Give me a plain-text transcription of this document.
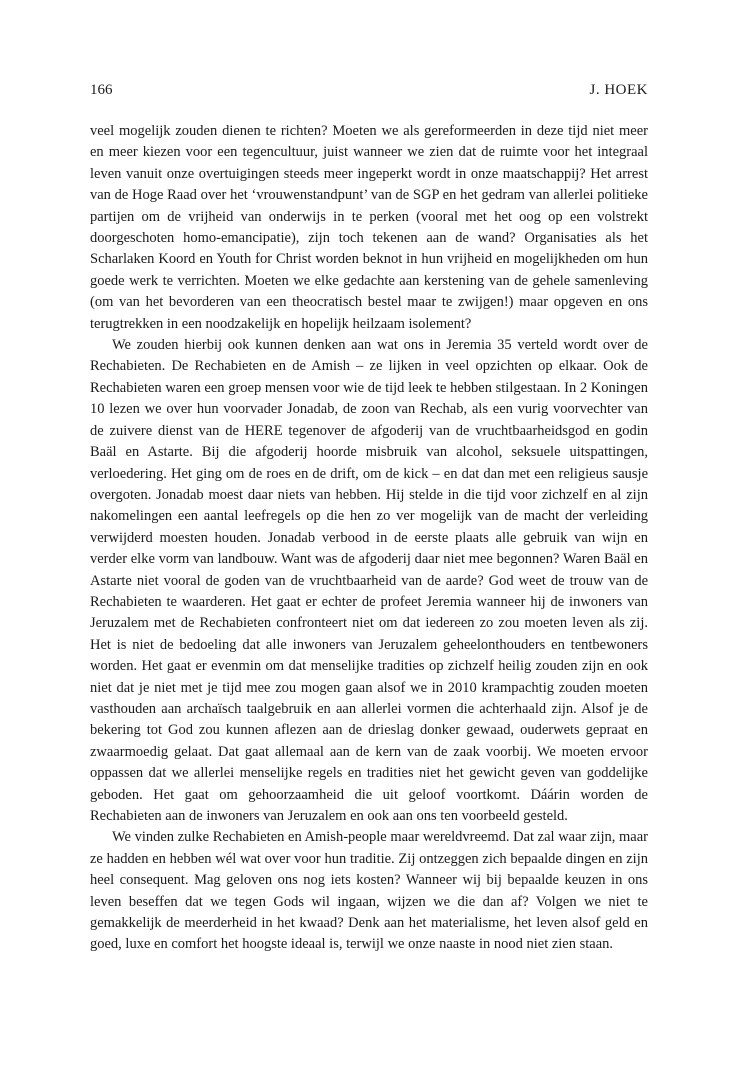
166	J. HOEK

veel mogelijk zouden dienen te richten? Moeten we als gereformeerden in deze tijd niet meer en meer kiezen voor een tegencultuur, juist wanneer we zien dat de ruimte voor het integraal leven vanuit onze overtuigingen steeds meer ingeperkt wordt in onze maatschappij? Het arrest van de Hoge Raad over het ‘vrouwenstandpunt’ van de SGP en het gedram van allerlei politieke partijen om de vrijheid van onderwijs in te perken (vooral met het oog op een volstrekt doorgeschoten homo-emancipatie), zijn toch tekenen aan de wand? Organisaties als het Scharlaken Koord en Youth for Christ worden beknot in hun vrijheid en mogelijkheden om hun goede werk te verrichten. Moeten we elke gedachte aan kerstening van de gehele samenleving (om van het bevorderen van een theocratisch bestel maar te zwijgen!) maar opgeven en ons terugtrekken in een noodzakelijk en hopelijk heilzaam isolement?

We zouden hierbij ook kunnen denken aan wat ons in Jeremia 35 verteld wordt over de Rechabieten. De Rechabieten en de Amish – ze lijken in veel opzichten op elkaar. Ook de Rechabieten waren een groep mensen voor wie de tijd leek te hebben stilgestaan. In 2 Koningen 10 lezen we over hun voorvader Jonadab, de zoon van Rechab, als een vurig voorvechter van de zuivere dienst van de HERE tegenover de afgoderij van de vruchtbaarheidsgod en godin Baäl en Astarte. Bij die afgoderij hoorde misbruik van alcohol, seksuele uitspattingen, verloedering. Het ging om de roes en de drift, om de kick – en dat dan met een religieus sausje overgoten. Jonadab moest daar niets van hebben. Hij stelde in die tijd voor zichzelf en al zijn nakomelingen een aantal leefregels op die hen zo ver mogelijk van de macht der verleiding verwijderd moesten houden. Jonadab verbood in de eerste plaats alle gebruik van wijn en verder elke vorm van landbouw. Want was de afgoderij daar niet mee begonnen? Waren Baäl en Astarte niet vooral de goden van de vruchtbaarheid van de aarde? God weet de trouw van de Rechabieten te waarderen. Het gaat er echter de profeet Jeremia wanneer hij de inwoners van Jeruzalem met de Rechabieten confronteert niet om dat iedereen zo zou moeten leven als zij. Het is niet de bedoeling dat alle inwoners van Jeruzalem geheelonthouders en tentbewoners worden. Het gaat er evenmin om dat menselijke tradities op zichzelf heilig zouden zijn en ook niet dat je niet met je tijd mee zou mogen gaan alsof we in 2010 krampachtig zouden moeten vasthouden aan archaïsch taalgebruik en aan allerlei vormen die achterhaald zijn. Alsof je de bekering tot God zou kunnen aflezen aan de drieslag donker gewaad, ouderwets gepraat en zwaarmoedig gelaat. Dat gaat allemaal aan de kern van de zaak voorbij. We moeten ervoor oppassen dat we allerlei menselijke regels en tradities niet het gewicht geven van goddelijke geboden. Het gaat om gehoorzaamheid die uit geloof voortkomt. Dáárin worden de Rechabieten aan de inwoners van Jeruzalem en ook aan ons ten voorbeeld gesteld.

We vinden zulke Rechabieten en Amish-people maar wereldvreemd. Dat zal waar zijn, maar ze hadden en hebben wél wat over voor hun traditie. Zij ontzeggen zich bepaalde dingen en zijn heel consequent. Mag geloven ons nog iets kosten? Wanneer wij bij bepaalde keuzen in ons leven beseffen dat we tegen Gods wil ingaan, wijzen we die dan af? Volgen we niet te gemakkelijk de meerderheid in het kwaad? Denk aan het materialisme, het leven alsof geld en goed, luxe en comfort het hoogste ideaal is, terwijl we onze naaste in nood niet zien staan.
